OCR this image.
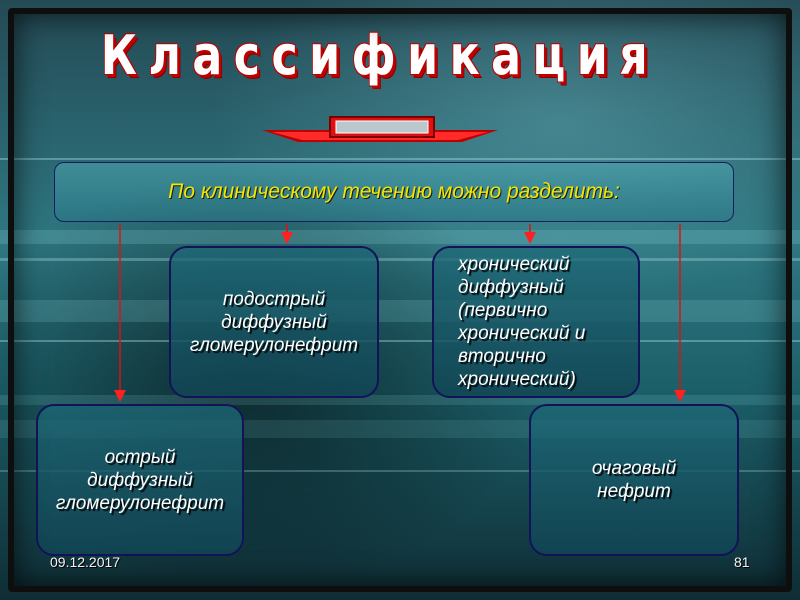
Классификация
По клиническому течению можно разделить:
подострый
диффузный
гломерулонефрит
хронический
диффузный
(первично
хронический и
вторично
хронический)
острый
диффузный
гломерулонефрит
очаговый
нефрит
09.12.2017	81
